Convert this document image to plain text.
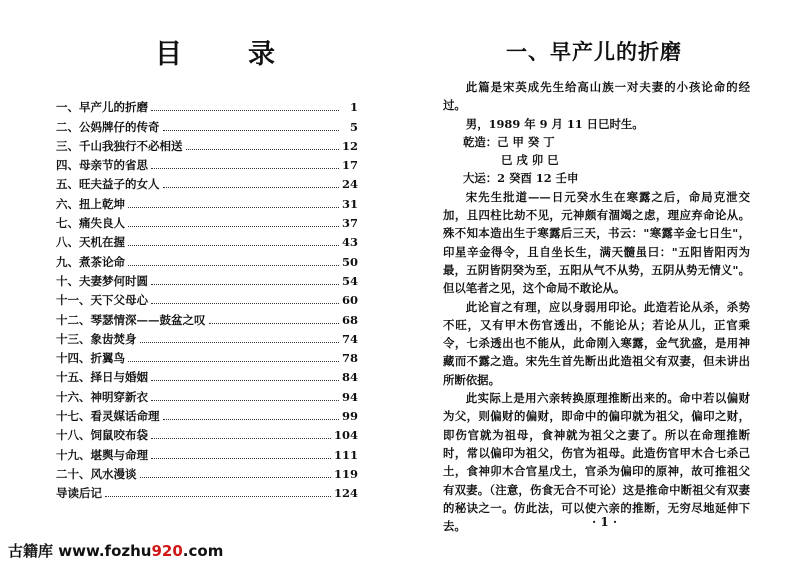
目 录
一、早产儿的折磨	1
二、公妈牌仔的传奇	5
三、千山我独行不必相送	12
四、母亲节的省思	17
五、旺夫益子的女人	24
六、扭上乾坤	31
七、痛失良人	37
八、天机在握	43
九、煮茶论命	50
十、夫妻梦何时圆	54
十一、天下父母心	60
十二、琴瑟情深——鼓盆之叹	68
十三、象齿焚身	74
十四、折翼鸟	78
十五、择日与婚姻	84
十六、神明穿新衣	94
十七、看灵媒话命理	99
十八、饲鼠咬布袋	104
十九、堪舆与命理	111
二十、风水漫谈	119
导读后记	124
一、早产儿的折磨

此篇是宋英成先生给高山族一对夫妻的小孩论命的经过。

男，1989 年 9 月 11 日巳时生。

乾造：己 甲 癸 丁

巳 戌 卯 巳

大运：2 癸酉 12 壬申

宋先生批道——日元癸水生在寒露之后，命局克泄交加，且四柱比劫不见，元神颇有涸竭之虑，理应弃命论从。殊不知本造出生于寒露后三天，书云："寒露辛金七日生"，印星辛金得令，且自坐长生，满天髓虽曰："五阳皆阳丙为最，五阴皆阴癸为至，五阳从气不从势，五阴从势无情义"。但以笔者之见，这个命局不敢论从。

此论盲之有理，应以身弱用印论。此造若论从杀，杀势不旺，又有甲木伤官透出，不能论从；若论从儿，正官乘令，七杀透出也不能从，此命刚入寒露，金气犹盛，是用神藏而不露之造。宋先生首先断出此造祖父有双妻，但未讲出所断依据。

此实际上是用六亲转换原理推断出来的。命中若以偏财为父，则偏财的偏财，即命中的偏印就为祖父，偏印之财，即伤官就为祖母，食神就为祖父之妻了。所以在命理推断时，常以偏印为祖父，伤官为祖母。此造伤官甲木合七杀己土，食神卯木合官星戊土，官杀为偏印的原神，故可推祖父有双妻。（注意，伤食无合不可论）这是推命中断祖父有双妻的秘诀之一。仿此法，可以使六亲的推断，无穷尽地延伸下去。	· 1 ·
古籍库 www.fozhu920.com
